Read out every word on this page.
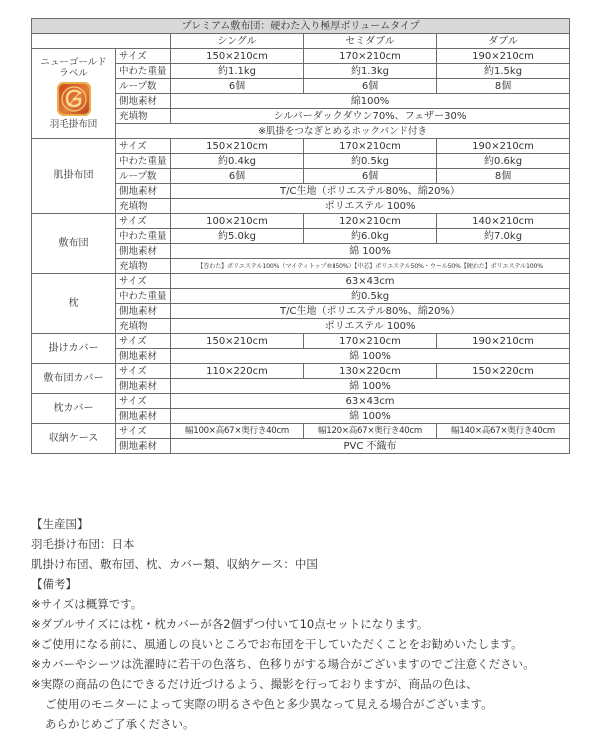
プレミアム敷布団：硬わた入り極厚ボリュームタイプ				
		シングル	セミダブル	ダブル

ニューゴールド
ラベル
羽毛掛布団	サイズ	150×210cm	170×210cm	190×210cm
	中わた重量	約1.1kg	約1.3kg	約1.5kg
	ループ数	6個	6個	8個
	側地素材	綿100%		
	充填物	シルバーダックダウン70%、フェザー30%		
	※肌掛をつなぎとめるホックバンド付き			
肌掛布団	サイズ	150×210cm	170×210cm	190×210cm
	中わた重量	約0.4kg	約0.5kg	約0.6kg
	ループ数	6個	6個	8個
	側地素材	T/C生地（ポリエステル80%、綿20%）		
	充填物	ポリエステル 100%		
敷布団	サイズ	100×210cm	120×210cm	140×210cm
	中わた重量	約5.0kg	約6.0kg	約7.0kg
	側地素材	綿 100%		
	充填物	【巻わた】ポリエステル100%（マイティトップ®Ⅱ50%）【中芯】ポリエステル50%・ウール50%【硬わた】ポリエステル100%		
枕	サイズ	63×43cm		
	中わた重量	約0.5kg		
	側地素材	T/C生地（ポリエステル80%、綿20%）		
	充填物	ポリエステル 100%		
掛けカバー	サイズ	150×210cm	170×210cm	190×210cm
	側地素材	綿 100%		
敷布団カバー	サイズ	110×220cm	130×220cm	150×220cm
	側地素材	綿 100%		
枕カバー	サイズ	63×43cm		
	側地素材	綿 100%		
収納ケース	サイズ	幅100×高67×奥行き40cm	幅120×高67×奥行き40cm	幅140×高67×奥行き40cm
	側地素材	PVC 不織布		
【生産国】
羽毛掛け布団：日本
肌掛け布団、敷布団、枕、カバー類、収納ケース：中国
【備考】
※サイズは概算です。
※ダブルサイズには枕・枕カバーが各2個ずつ付いて10点セットになります。
※ご使用になる前に、風通しの良いところでお布団を干していただくことをお勧めいたします。
※カバーやシーツは洗濯時に若干の色落ち、色移りがする場合がございますのでご注意ください。
※実際の商品の色にできるだけ近づけるよう、撮影を行っておりますが、商品の色は、
ご使用のモニターによって実際の明るさや色と多少異なって見える場合がございます。
あらかじめご了承ください。
